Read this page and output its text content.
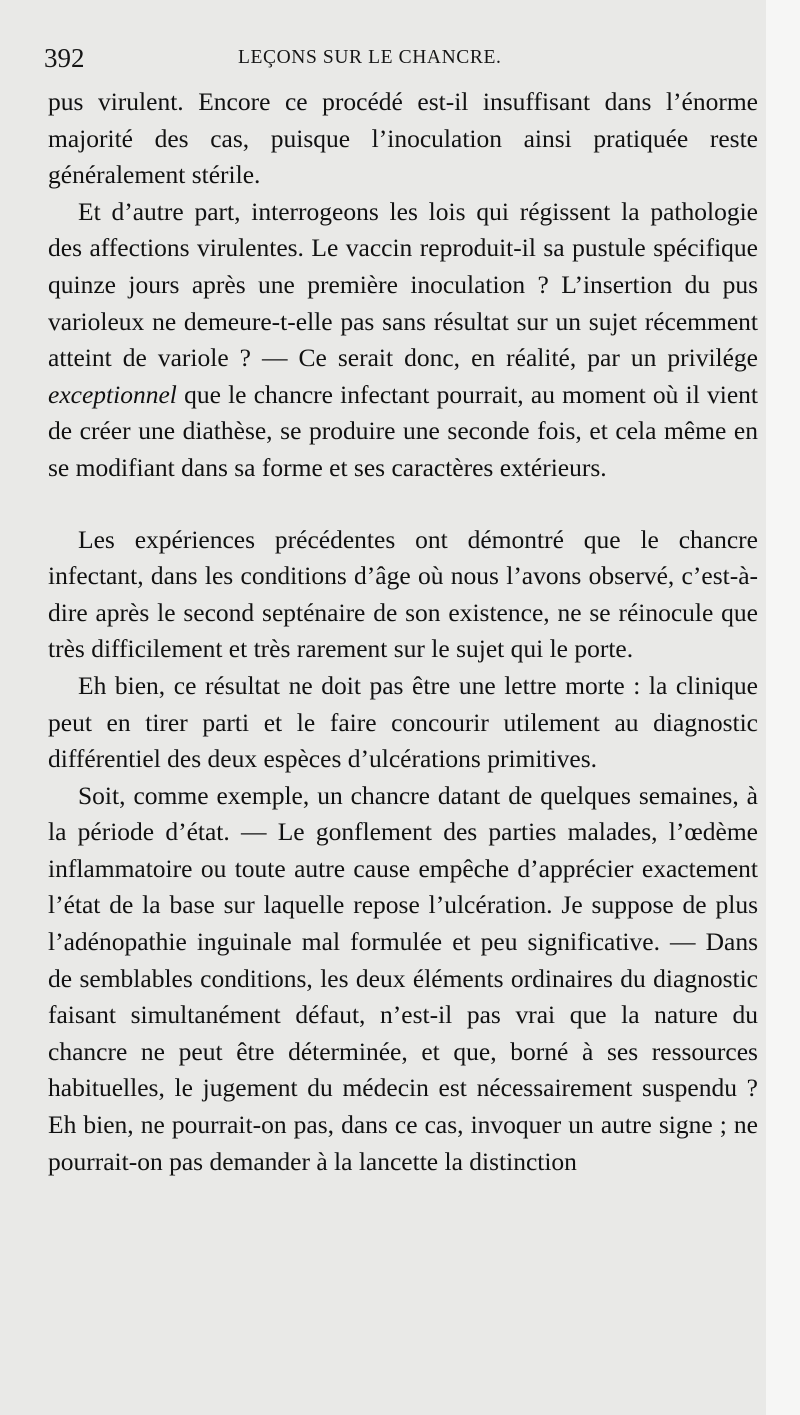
392	LEÇONS SUR LE CHANCRE.

pus virulent. Encore ce procédé est-il insuffisant dans l’énorme majorité des cas, puisque l’inoculation ainsi pratiquée reste généralement stérile.

Et d’autre part, interrogeons les lois qui régissent la pathologie des affections virulentes. Le vaccin reproduit-il sa pustule spécifique quinze jours après une première inoculation ? L’insertion du pus varioleux ne demeure-t-elle pas sans résultat sur un sujet récemment atteint de variole ? — Ce serait donc, en réalité, par un privilége exceptionnel que le chancre infectant pourrait, au moment où il vient de créer une diathèse, se produire une seconde fois, et cela même en se modifiant dans sa forme et ses caractères extérieurs.

Les expériences précédentes ont démontré que le chancre infectant, dans les conditions d’âge où nous l’avons observé, c’est-à-dire après le second septénaire de son existence, ne se réinocule que très difficilement et très rarement sur le sujet qui le porte.

Eh bien, ce résultat ne doit pas être une lettre morte : la clinique peut en tirer parti et le faire concourir utilement au diagnostic différentiel des deux espèces d’ulcérations primitives.

Soit, comme exemple, un chancre datant de quelques semaines, à la période d’état. — Le gonflement des parties malades, l’œdème inflammatoire ou toute autre cause empêche d’apprécier exactement l’état de la base sur laquelle repose l’ulcération. Je suppose de plus l’adénopathie inguinale mal formulée et peu significative. — Dans de semblables conditions, les deux éléments ordinaires du diagnostic faisant simultanément défaut, n’est-il pas vrai que la nature du chancre ne peut être déterminée, et que, borné à ses ressources habituelles, le jugement du médecin est nécessairement suspendu ? Eh bien, ne pourrait-on pas, dans ce cas, invoquer un autre signe ; ne pourrait-on pas demander à la lancette la distinction
